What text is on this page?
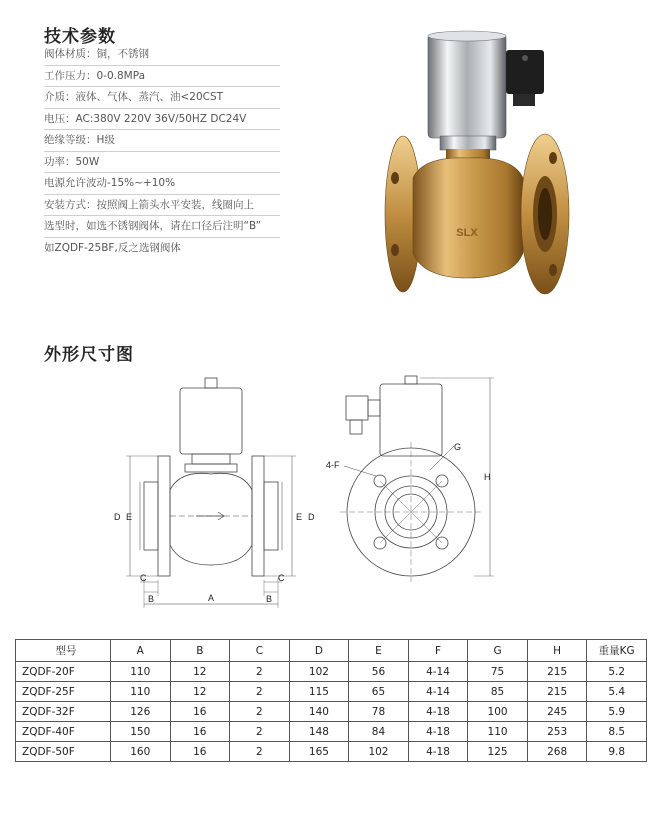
技术参数
阀体材质：铜，不锈钢
工作压力：0-0.8MPa
介质：液体、气体、蒸汽、油<20CST
电压：AC:380V 220V 36V/50HZ DC24V
绝缘等级：H级
功率：50W
电源允许波动-15%~+10%
安装方式：按照阀上箭头水平安装，线圈向上
选型时，如选不锈钢阀体，请在口径后注明“B”
如ZQDF-25BF,反之选钢阀体
SLX
外形尺寸图
D E	E D
A
B	B
C	C
4-F
G
H
型号	A	B	C	D	E	F	G	H	重量KG
ZQDF-20F	110	12	2	102	56	4-14	75	215	5.2
ZQDF-25F	110	12	2	115	65	4-14	85	215	5.4
ZQDF-32F	126	16	2	140	78	4-18	100	245	5.9
ZQDF-40F	150	16	2	148	84	4-18	110	253	8.5
ZQDF-50F	160	16	2	165	102	4-18	125	268	9.8
